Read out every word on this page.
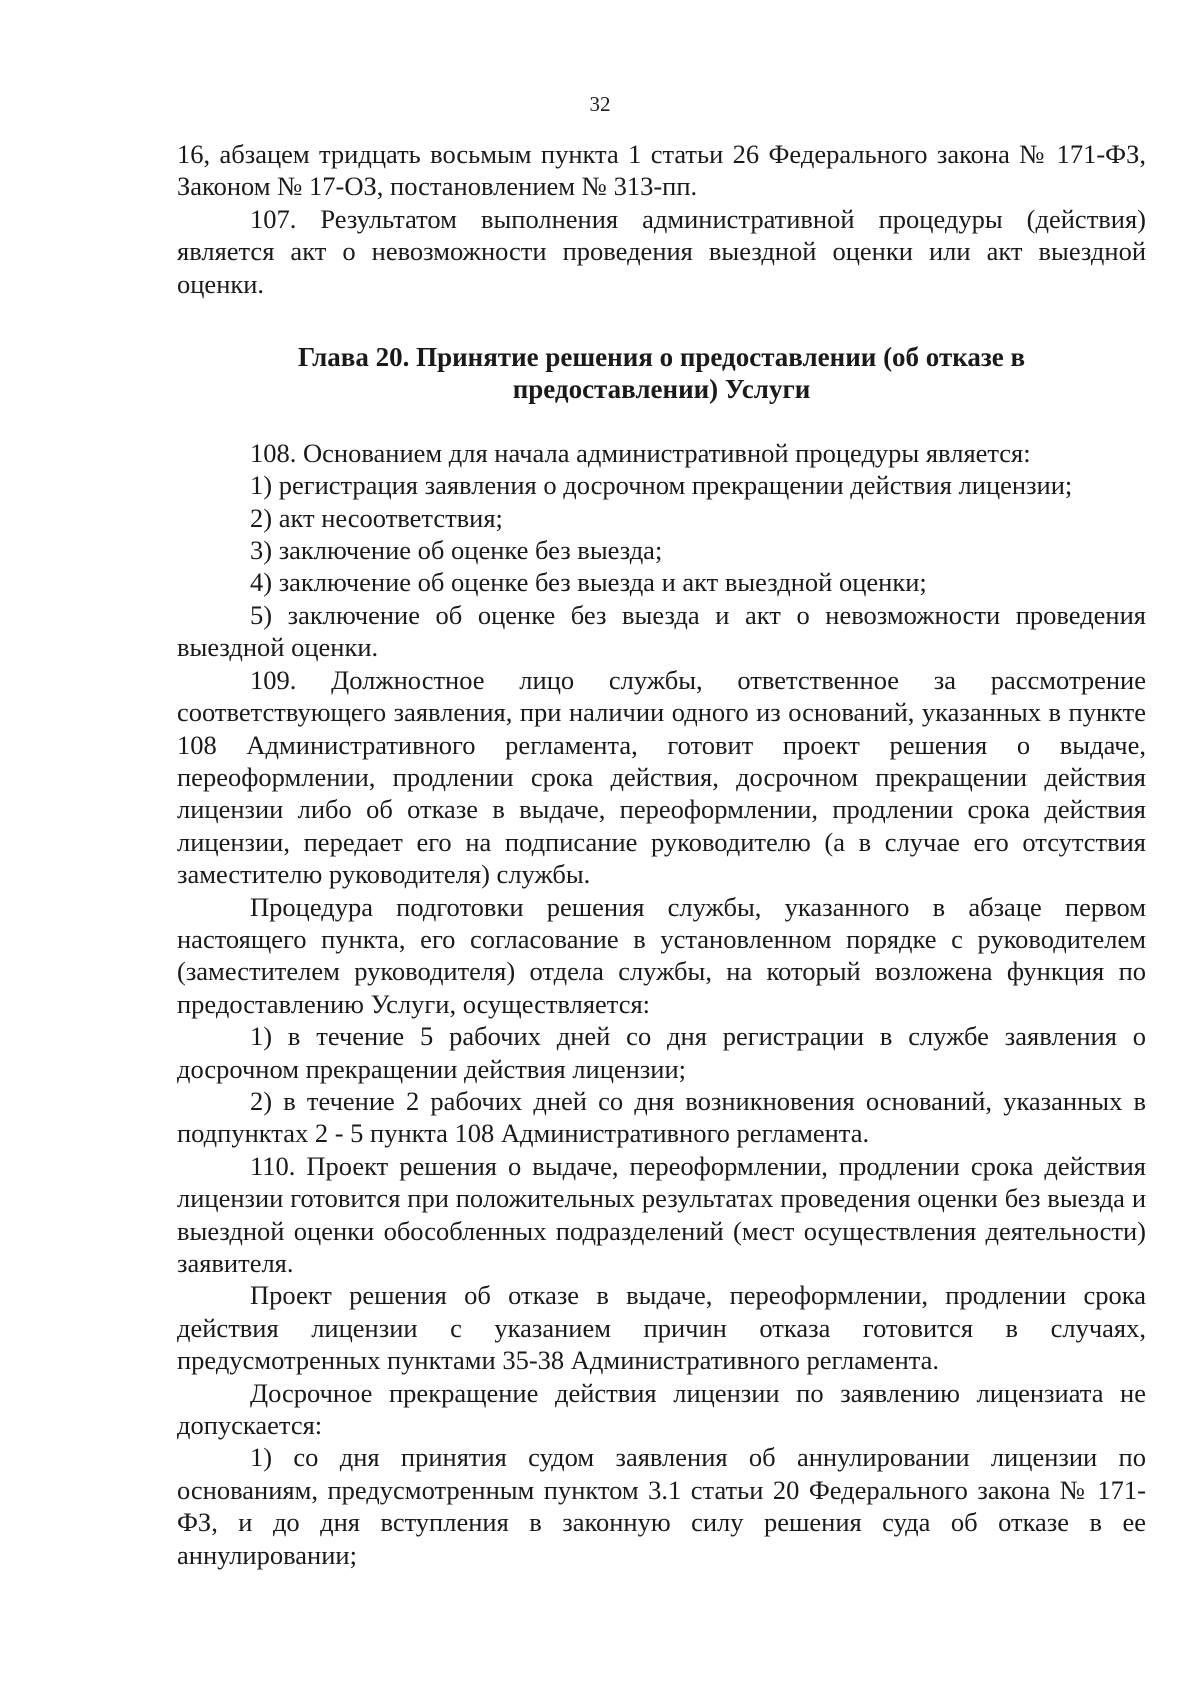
32

16, абзацем тридцать восьмым пункта 1 статьи 26 Федерального закона № 171-ФЗ, Законом № 17-ОЗ, постановлением № 313-пп.

107. Результатом выполнения административной процедуры (действия) является акт о невозможности проведения выездной оценки или акт выездной оценки.

Глава 20. Принятие решения о предоставлении (об отказе в
предоставлении) Услуги

108. Основанием для начала административной процедуры является:

1) регистрация заявления о досрочном прекращении действия лицензии;

2) акт несоответствия;

3) заключение об оценке без выезда;

4) заключение об оценке без выезда и акт выездной оценки;

5) заключение об оценке без выезда и акт о невозможности проведения выездной оценки.

109. Должностное лицо службы, ответственное за рассмотрение соответствующего заявления, при наличии одного из оснований, указанных в пункте 108 Административного регламента, готовит проект решения о выдаче, переоформлении, продлении срока действия, досрочном прекращении действия лицензии либо об отказе в выдаче, переоформлении, продлении срока действия лицензии, передает его на подписание руководителю (а в случае его отсутствия заместителю руководителя) службы.

Процедура подготовки решения службы, указанного в абзаце первом настоящего пункта, его согласование в установленном порядке с руководителем (заместителем руководителя) отдела службы, на который возложена функция по предоставлению Услуги, осуществляется:

1) в течение 5 рабочих дней со дня регистрации в службе заявления о досрочном прекращении действия лицензии;

2) в течение 2 рабочих дней со дня возникновения оснований, указанных в подпунктах 2 - 5 пункта 108 Административного регламента.

110. Проект решения о выдаче, переоформлении, продлении срока действия лицензии готовится при положительных результатах проведения оценки без выезда и выездной оценки обособленных подразделений (мест осуществления деятельности) заявителя.

Проект решения об отказе в выдаче, переоформлении, продлении срока действия лицензии с указанием причин отказа готовится в случаях, предусмотренных пунктами 35-38 Административного регламента.

Досрочное прекращение действия лицензии по заявлению лицензиата не допускается:

1) со дня принятия судом заявления об аннулировании лицензии по основаниям, предусмотренным пунктом 3.1 статьи 20 Федерального закона № 171-ФЗ, и до дня вступления в законную силу решения суда об отказе в ее аннулировании;
